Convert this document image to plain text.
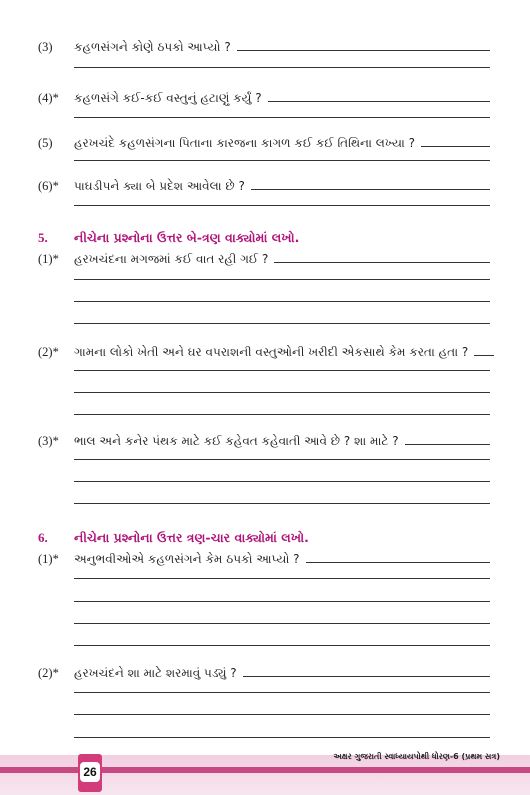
(3)	કહળસંગને કોણે ઠપકો આપ્યો ?
(4)*	કહળસંગે કઈ-કઈ વસ્તુનું હટાણું કર્યું ?
(5)	હરખચંદે કહળસંગના પિતાના કારજના કાગળ કઈ કઈ તિથિના લખ્યા ?
(6)*	પાઘડીપને ક્યા બે પ્રદેશ આવેલા છે ?
5.	નીચેના પ્રશ્નોના ઉત્તર બે-ત્રણ વાક્યોમાં લખો.
(1)*	હરખચંદના મગજમાં કઈ વાત રહી ગઈ ?
(2)*	ગામના લોકો ખેતી અને ઘર વપરાશની વસ્તુઓની ખરીદી એકસાથે કેમ કરતા હતા ?
(3)*	ભાલ અને કનેર પંથક માટે કઈ કહેવત કહેવાતી આવે છે ? શા માટે ?
6.	નીચેના પ્રશ્નોના ઉત્તર ત્રણ-ચાર વાક્યોમાં લખો.
(1)*	અનુભવીઓએ કહળસંગને કેમ ઠપકો આપ્યો ?
(2)*	હરખચંદને શા માટે શરમાવું પડ્યું ?
26
અક્ષર ગુજરાતી સ્વાધ્યાયપોથી ધોરણ-6 (પ્રથમ સત્ર)
